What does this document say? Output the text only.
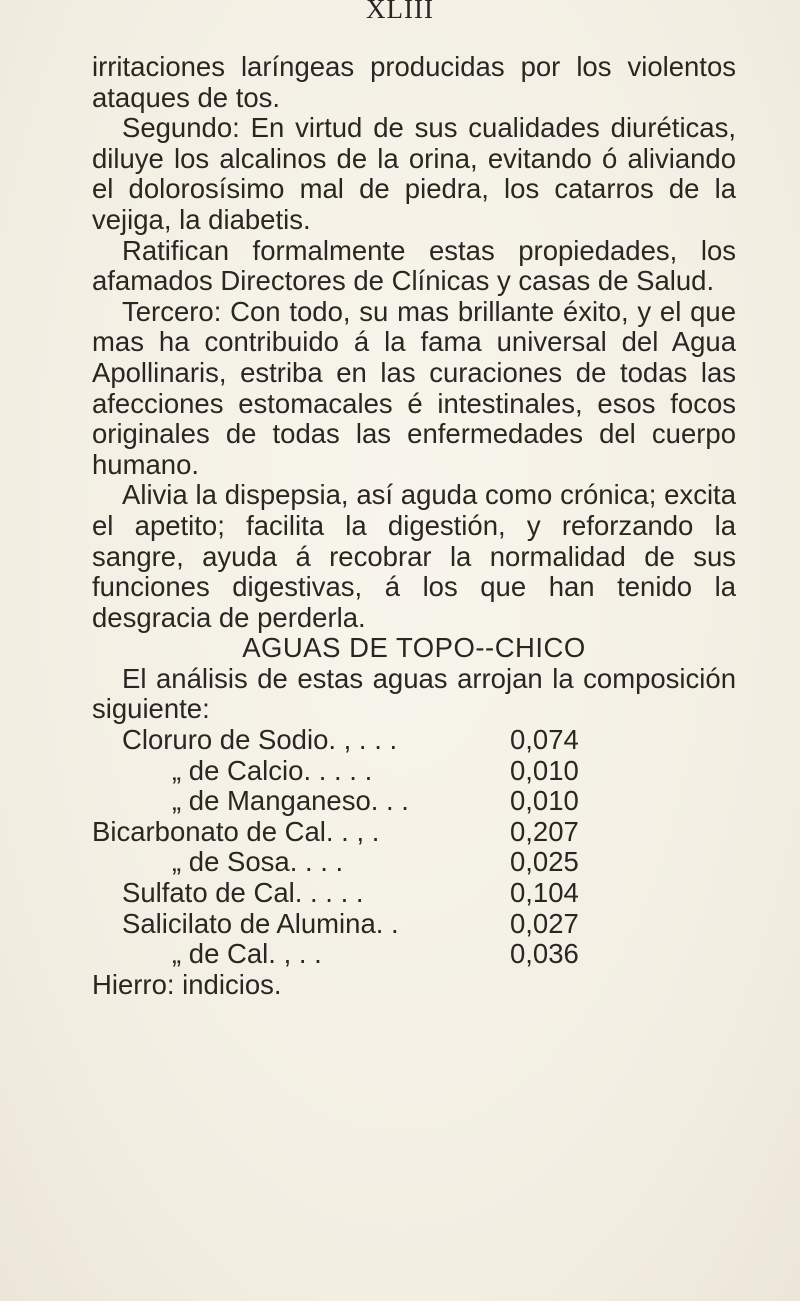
XLIII

irritaciones laríngeas producidas por los violentos ataques de tos.

Segundo: En virtud de sus cualidades diuréticas, diluye los alcalinos de la orina, evitando ó aliviando el dolorosísimo mal de piedra, los catarros de la vejiga, la diabetis.

Ratifican formalmente estas propiedades, los afamados Directores de Clínicas y casas de Salud.

Tercero: Con todo, su mas brillante éxito, y el que mas ha contribuido á la fama universal del Agua Apollinaris, estriba en las curaciones de todas las afecciones estomacales é intestinales, esos focos originales de todas las enfermedades del cuerpo humano.

Alivia la dispepsia, así aguda como crónica; excita el apetito; facilita la digestión, y reforzando la sangre, ayuda á recobrar la normalidad de sus funciones digestivas, á los que han tenido la desgracia de perderla.

AGUAS DE TOPO--CHICO

El análisis de estas aguas arrojan la composición siguiente:

Cloruro de Sodio. , . . .	0,074
„ de Calcio. . . . .	0,010
„ de Manganeso. . .	0,010
Bicarbonato de Cal. . , .	0,207
„ de Sosa. . . .	0,025
Sulfato de Cal. . . . .	0,104
Salicilato de Alumina. .	0,027
„ de Cal. , . .	0,036

Hierro: indicios.
